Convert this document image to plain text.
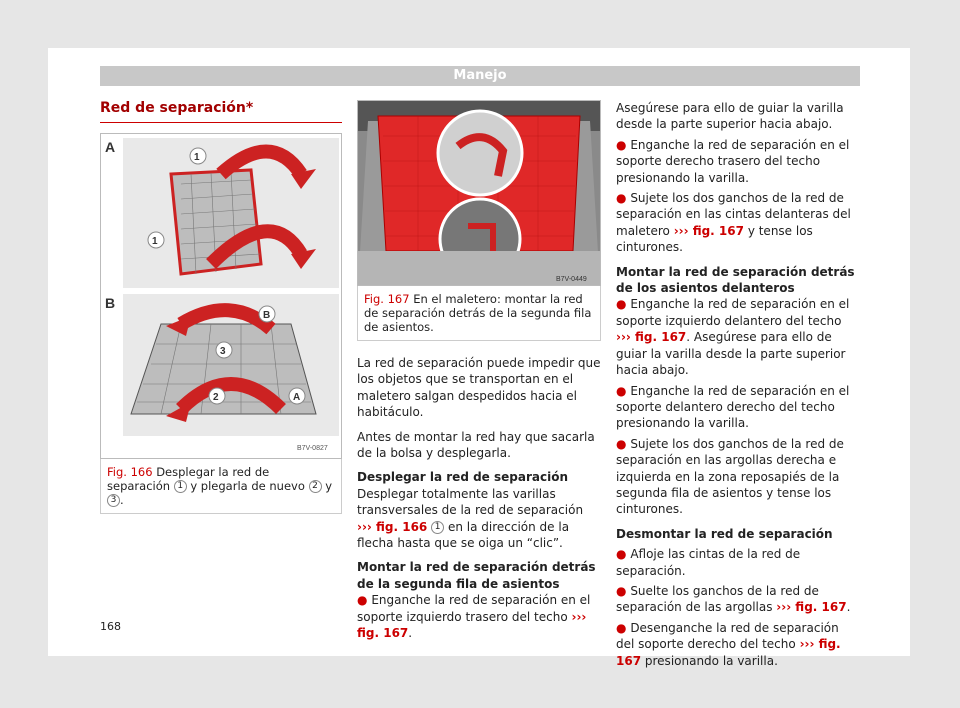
Manejo
Red de separación*
A
1
1
B
B
3
2	A
B7V-0827
Fig. 166 Desplegar la red de separación 1 y plegarla de nuevo 2 y 3 .
B7V-0449
Fig. 167 En el maletero: montar la red de separación detrás de la segunda fila de asientos.

La red de separación puede impedir que los objetos que se transportan en el maletero salgan despedidos hacia el habitáculo.

Antes de montar la red hay que sacarla de la bolsa y desplegarla.

Desplegar la red de separación

Desplegar totalmente las varillas transversales de la red de separación ››› fig. 166 1 en la dirección de la flecha hasta que se oiga un “clic”.

Montar la red de separación detrás de la segunda fila de asientos

● Enganche la red de separación en el soporte izquierdo trasero del techo ››› fig. 167.

Asegúrese para ello de guiar la varilla desde la parte superior hacia abajo.

● Enganche la red de separación en el soporte derecho trasero del techo presionando la varilla.

● Sujete los dos ganchos de la red de separación en las cintas delanteras del maletero ››› fig. 167 y tense los cinturones.

Montar la red de separación detrás de los asientos delanteros

● Enganche la red de separación en el soporte izquierdo delantero del techo ››› fig. 167. Asegúrese para ello de guiar la varilla desde la parte superior hacia abajo.

● Enganche la red de separación en el soporte delantero derecho del techo presionando la varilla.

● Sujete los dos ganchos de la red de separación en las argollas derecha e izquierda en la zona reposapiés de la segunda fila de asientos y tense los cinturones.

Desmontar la red de separación

● Afloje las cintas de la red de separación.

● Suelte los ganchos de la red de separación de las argollas ››› fig. 167.

● Desenganche la red de separación del soporte derecho del techo ››› fig. 167 presionando la varilla.

168
